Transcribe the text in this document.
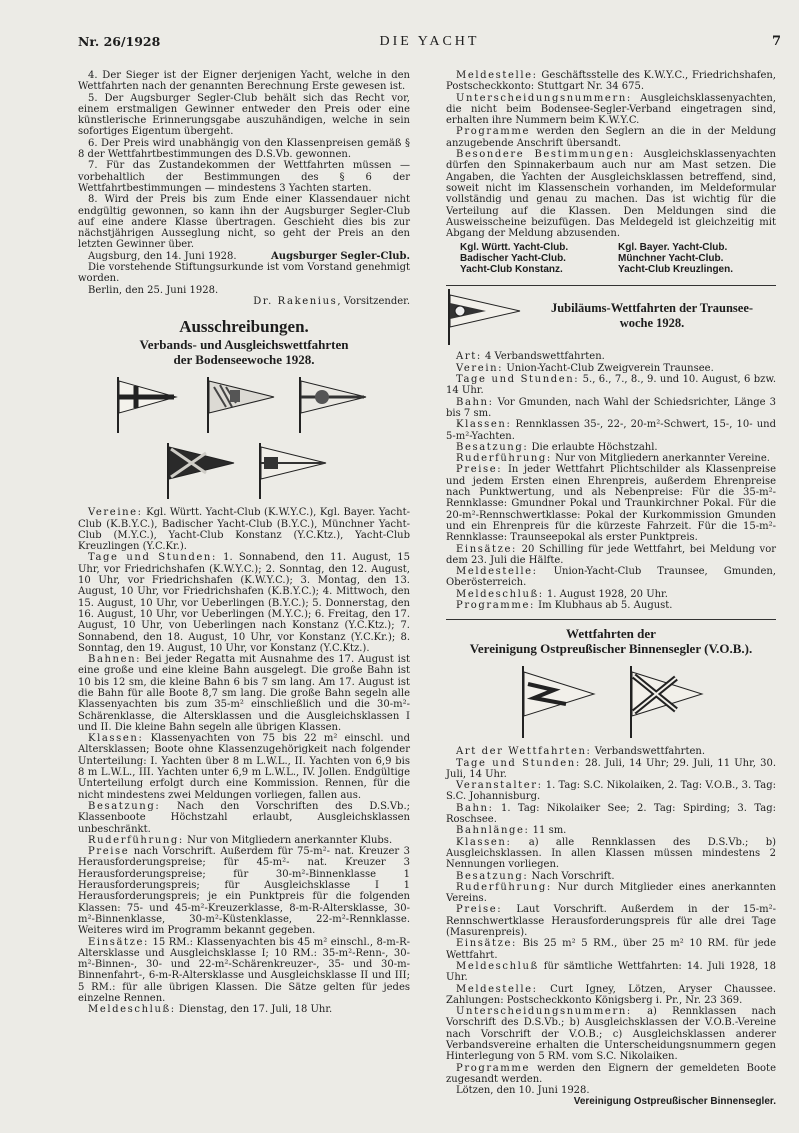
Nr. 26/1928	DIE YACHT	7

4. Der Sieger ist der Eigner derjenigen Yacht, welche in den Wettfahrten nach der genannten Berechnung Erste gewesen ist.

5. Der Augsburger Segler-Club behält sich das Recht vor, einem erstmaligen Gewinner entweder den Preis oder eine künstlerische Erinnerungsgabe auszuhändigen, welche in sein sofortiges Eigentum übergeht.

6. Der Preis wird unabhängig von den Klassenpreisen gemäß § 8 der Wettfahrtbestimmungen des D.S.Vb. gewonnen.

7. Für das Zustandekommen der Wettfahrten müssen — vorbehaltlich der Bestimmungen des § 6 der Wettfahrtbestimmungen — mindestens 3 Yachten starten.

8. Wird der Preis bis zum Ende einer Klassendauer nicht endgültig gewonnen, so kann ihn der Augsburger Segler-Club auf eine andere Klasse übertragen. Geschieht dies bis zur nächstjährigen Ausseglung nicht, so geht der Preis an den letzten Gewinner über.

Augsburg, den 14. Juni 1928.	Augsburger Segler-Club.

Die vorstehende Stiftungsurkunde ist vom Vorstand genehmigt worden.

Berlin, den 25. Juni 1928.

Dr. Rakenius, Vorsitzender.

Ausschreibungen.

Verbands- und Ausgleichswettfahrten

der Bodenseewoche 1928.

Vereine: Kgl. Württ. Yacht-Club (K.W.Y.C.), Kgl. Bayer. Yacht-Club (K.B.Y.C.), Badischer Yacht-Club (B.Y.C.), Münchner Yacht-Club (M.Y.C.), Yacht-Club Konstanz (Y.C.Ktz.), Yacht-Club Kreuzlingen (Y.C.Kr.).

Tage und Stunden: 1. Sonnabend, den 11. August, 15 Uhr, vor Friedrichshafen (K.W.Y.C.); 2. Sonntag, den 12. August, 10 Uhr, vor Friedrichshafen (K.W.Y.C.); 3. Montag, den 13. August, 10 Uhr, vor Friedrichshafen (K.B.Y.C.); 4. Mittwoch, den 15. August, 10 Uhr, vor Ueberlingen (B.Y.C.); 5. Donnerstag, den 16. August, 10 Uhr, vor Ueberlingen (M.Y.C.); 6. Freitag, den 17. August, 10 Uhr, von Ueberlingen nach Konstanz (Y.C.Ktz.); 7. Sonnabend, den 18. August, 10 Uhr, vor Konstanz (Y.C.Kr.); 8. Sonntag, den 19. August, 10 Uhr, vor Konstanz (Y.C.Ktz.).

Bahnen: Bei jeder Regatta mit Ausnahme des 17. August ist eine große und eine kleine Bahn ausgelegt. Die große Bahn ist 10 bis 12 sm, die kleine Bahn 6 bis 7 sm lang. Am 17. August ist die Bahn für alle Boote 8,7 sm lang. Die große Bahn segeln alle Klassenyachten bis zum 35-m² einschließlich und die 30-m²-Schärenklasse, die Altersklassen und die Ausgleichsklassen I und II. Die kleine Bahn segeln alle übrigen Klassen.

Klassen: Klassenyachten von 75 bis 22 m² einschl. und Altersklassen; Boote ohne Klassenzugehörigkeit nach folgender Unterteilung: I. Yachten über 8 m L.W.L., II. Yachten von 6,9 bis 8 m L.W.L., III. Yachten unter 6,9 m L.W.L., IV. Jollen. Endgültige Unterteilung erfolgt durch eine Kommission. Rennen, für die nicht mindestens zwei Meldungen vorliegen, fallen aus.

Besatzung: Nach den Vorschriften des D.S.Vb.; Klassenboote Höchstzahl erlaubt, Ausgleichsklassen unbeschränkt.

Ruderführung: Nur von Mitgliedern anerkannter Klubs.

Preise nach Vorschrift. Außerdem für 75-m²- nat. Kreuzer 3 Herausforderungspreise; für 45-m²- nat. Kreuzer 3 Herausforderungspreise; für 30-m²-Binnenklasse 1 Herausforderungspreis; für Ausgleichsklasse I 1 Herausforderungspreis; je ein Punktpreis für die folgenden Klassen: 75- und 45-m²-Kreuzerklasse, 8-m-R-Altersklasse, 30-m²-Binnenklasse, 30-m²-Küstenklasse, 22-m²-Rennklasse. Weiteres wird im Programm bekannt gegeben.

Einsätze: 15 RM.: Klassenyachten bis 45 m² einschl., 8-m-R-Altersklasse und Ausgleichsklasse I; 10 RM.: 35-m²-Renn-, 30-m²-Binnen-, 30- und 22-m²-Schärenkreuzer-, 35- und 30-m-Binnenfahrt-, 6-m-R-Altersklasse und Ausgleichsklasse II und III; 5 RM.: für alle übrigen Klassen. Die Sätze gelten für jedes einzelne Rennen.

Meldeschluß: Dienstag, den 17. Juli, 18 Uhr.

Meldestelle: Geschäftsstelle des K.W.Y.C., Friedrichshafen, Postscheckkonto: Stuttgart Nr. 34 675.

Unterscheidungsnummern: Ausgleichsklassenyachten, die nicht beim Bodensee-Segler-Verband eingetragen sind, erhalten ihre Nummern beim K.W.Y.C.

Programme werden den Seglern an die in der Meldung anzugebende Anschrift übersandt.

Besondere Bestimmungen: Ausgleichsklassenyachten dürfen den Spinnakerbaum auch nur am Mast setzen. Die Angaben, die Yachten der Ausgleichsklassen betreffend, sind, soweit nicht im Klassenschein vorhanden, im Meldeformular vollständig und genau zu machen. Das ist wichtig für die Verteilung auf die Klassen. Den Meldungen sind die Ausweisscheine beizufügen. Das Meldegeld ist gleichzeitig mit Abgang der Meldung abzusenden.

Kgl. Württ. Yacht-Club.	Kgl. Bayer. Yacht-Club.
Badischer Yacht-Club.	Münchner Yacht-Club.
Yacht-Club Konstanz.	Yacht-Club Kreuzlingen.
Jubiläums-Wettfahrten der Traunsee-
woche 1928.

Art: 4 Verbandswettfahrten.

Verein: Union-Yacht-Club Zweigverein Traunsee.

Tage und Stunden: 5., 6., 7., 8., 9. und 10. August, 6 bzw. 14 Uhr.

Bahn: Vor Gmunden, nach Wahl der Schiedsrichter, Länge 3 bis 7 sm.

Klassen: Rennklassen 35-, 22-, 20-m²-Schwert, 15-, 10- und 5-m²-Yachten.

Besatzung: Die erlaubte Höchstzahl.

Ruderführung: Nur von Mitgliedern anerkannter Vereine.

Preise: In jeder Wettfahrt Plichtschilder als Klassenpreise und jedem Ersten einen Ehrenpreis, außerdem Ehrenpreise nach Punktwertung, und als Nebenpreise: Für die 35-m²-Rennklasse: Gmundner Pokal und Traunkirchner Pokal. Für die 20-m²-Rennschwertklasse: Pokal der Kurkommission Gmunden und ein Ehrenpreis für die kürzeste Fahrzeit. Für die 15-m²-Rennklasse: Traunseepokal als erster Punktpreis.

Einsätze: 20 Schilling für jede Wettfahrt, bei Meldung vor dem 23. Juli die Hälfte.

Meldestelle: Union-Yacht-Club Traunsee, Gmunden, Oberösterreich.

Meldeschluß: 1. August 1928, 20 Uhr.

Programme: Im Klubhaus ab 5. August.

Wettfahrten der

Vereinigung Ostpreußischer Binnensegler (V.O.B.).

Art der Wettfahrten: Verbandswettfahrten.

Tage und Stunden: 28. Juli, 14 Uhr; 29. Juli, 11 Uhr, 30. Juli, 14 Uhr.

Veranstalter: 1. Tag: S.C. Nikolaiken, 2. Tag: V.O.B., 3. Tag: S.C. Johannisburg.

Bahn: 1. Tag: Nikolaiker See; 2. Tag: Spirding; 3. Tag: Roschsee.

Bahnlänge: 11 sm.

Klassen: a) alle Rennklassen des D.S.Vb.; b) Ausgleichsklassen. In allen Klassen müssen mindestens 2 Nennungen vorliegen.

Besatzung: Nach Vorschrift.

Ruderführung: Nur durch Mitglieder eines anerkannten Vereins.

Preise: Laut Vorschrift. Außerdem in der 15-m²-Rennschwertklasse Herausforderungspreis für alle drei Tage (Masurenpreis).

Einsätze: Bis 25 m² 5 RM., über 25 m² 10 RM. für jede Wettfahrt.

Meldeschluß für sämtliche Wettfahrten: 14. Juli 1928, 18 Uhr.

Meldestelle: Curt Igney, Lötzen, Aryser Chaussee. Zahlungen: Postscheckkonto Königsberg i. Pr., Nr. 23 369.

Unterscheidungsnummern: a) Rennklassen nach Vorschrift des D.S.Vb.; b) Ausgleichsklassen der V.O.B.-Vereine nach Vorschrift der V.O.B.; c) Ausgleichsklassen anderer Verbandsvereine erhalten die Unterscheidungsnummern gegen Hinterlegung von 5 RM. vom S.C. Nikolaiken.

Programme werden den Eignern der gemeldeten Boote zugesandt werden.

Lötzen, den 10. Juni 1928.

Vereinigung Ostpreußischer Binnensegler.
